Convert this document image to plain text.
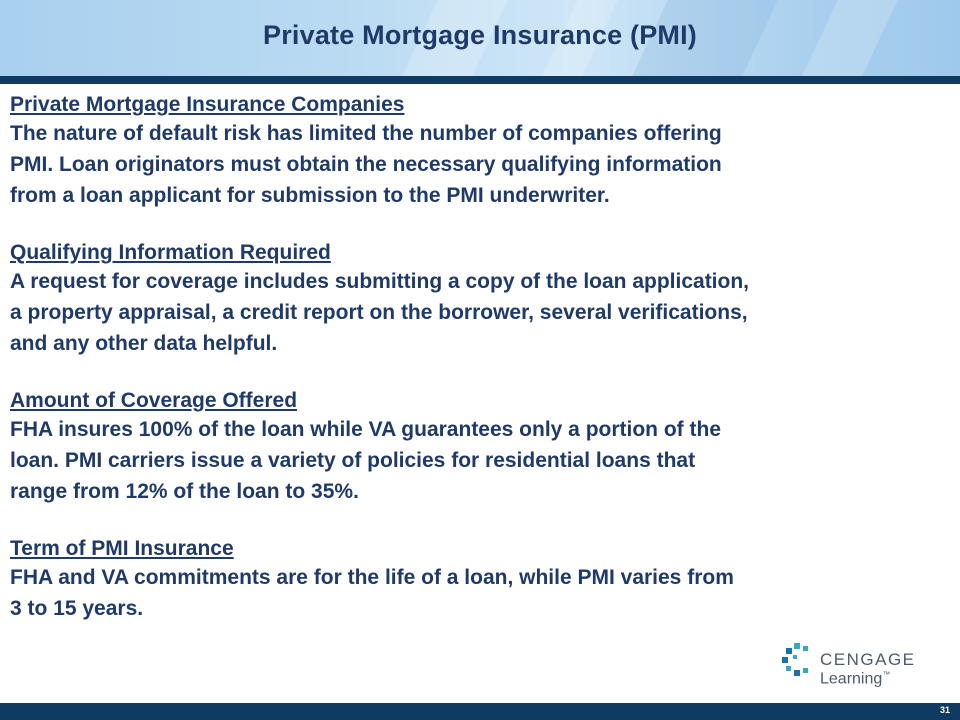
Private Mortgage Insurance (PMI)
Private Mortgage Insurance Companies
The nature of default risk has limited the number of companies offering
PMI. Loan originators must obtain the necessary qualifying information
from a loan applicant for submission to the PMI underwriter.
Qualifying Information Required
A request for coverage includes submitting a copy of the loan application,
a property appraisal, a credit report on the borrower, several verifications,
and any other data helpful.
Amount of Coverage Offered
FHA insures 100% of the loan while VA guarantees only a portion of the
loan. PMI carriers issue a variety of policies for residential loans that
range from 12% of the loan to 35%.
Term of PMI Insurance
FHA and VA commitments are for the life of a loan, while PMI varies from
3 to 15 years.
CENGAGE
Learning™
31
